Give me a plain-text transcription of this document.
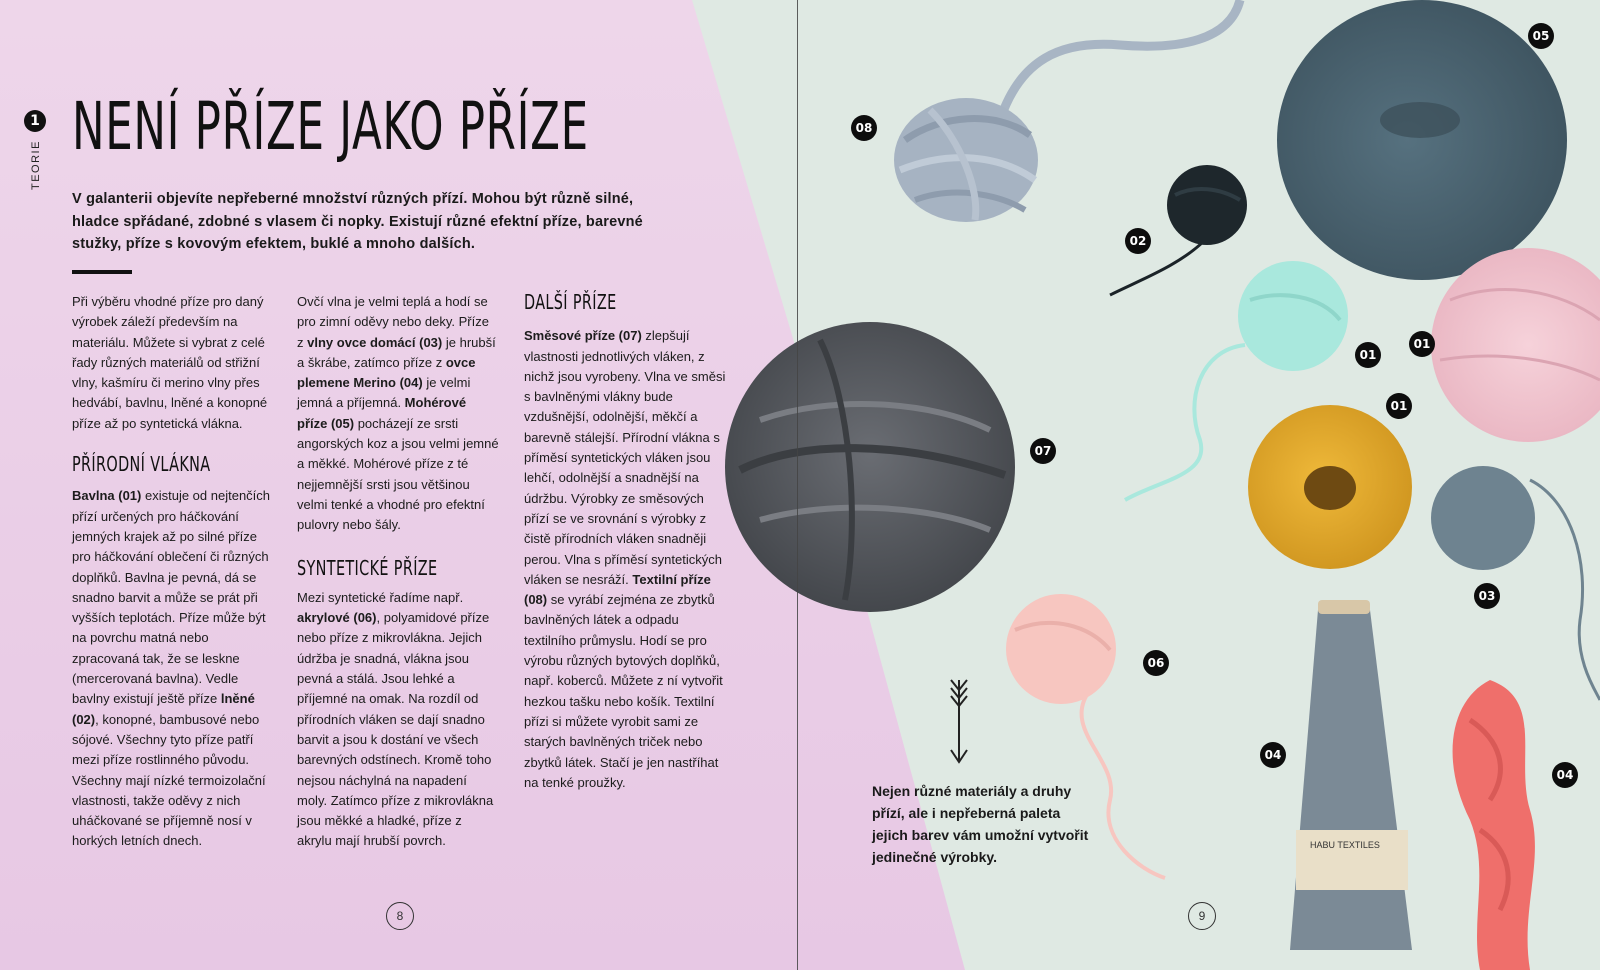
HABU TEXTILES
1
TEORIE
NENÍ PŘÍZE JAKO PŘÍZE

V galanterii objevíte nepřeberné množství různých přízí. Mohou být různě silné, hladce spřádané, zdobné s vlasem či nopky. Existují různé efektní příze, barevné stužky, příze s kovovým efektem, buklé a mnoho dalších.

Při výběru vhodné příze pro daný výrobek záleží především na materiálu. Můžete si vybrat z celé řady různých materiálů od střižní vlny, kašmíru či merino vlny přes hedvábí, bavlnu, lněné a konopné příze až po syntetická vlákna.

PŘÍRODNÍ VLÁKNA

Bavlna (01) existuje od nejtenčích přízí určených pro háčkování jemných krajek až po silné příze pro háčkování oblečení či různých doplňků. Bavlna je pevná, dá se snadno barvit a může se prát při vyšších teplotách. Příze může být na povrchu matná nebo zpracovaná tak, že se leskne (mercerovaná bavlna). Vedle bavlny existují ještě příze lněné (02), konopné, bambusové nebo sójové. Všechny tyto příze patří mezi příze rostlinného původu. Všechny mají nízké termoizolační vlastnosti, takže oděvy z nich uháčkované se příjemně nosí v horkých letních dnech.

Ovčí vlna je velmi teplá a hodí se pro zimní oděvy nebo deky. Příze z vlny ovce domácí (03) je hrubší a škrábe, zatímco příze z ovce plemene Merino (04) je velmi jemná a příjemná. Mohérové příze (05) pocházejí ze srsti angorských koz a jsou velmi jemné a měkké. Mohérové příze z té nejjemnější srsti jsou většinou velmi tenké a vhodné pro efektní pulovry nebo šály.

SYNTETICKÉ PŘÍZE

Mezi syntetické řadíme např. akrylové (06), polyamidové příze nebo příze z mikrovlákna. Jejich údržba je snadná, vlákna jsou pevná a stálá. Jsou lehké a příjemné na omak. Na rozdíl od přírodních vláken se dají snadno barvit a jsou k dostání ve všech barevných odstínech. Kromě toho nejsou náchylná na napadení moly. Zatímco příze z mikrovlákna jsou měkké a hladké, příze z akrylu mají hrubší povrch.

DALŠÍ PŘÍZE

Směsové příze (07) zlepšují vlastnosti jednotlivých vláken, z nichž jsou vyrobeny. Vlna ve směsi s bavlněnými vlákny bude vzdušnější, odolnější, měkčí a barevně stálejší. Přírodní vlákna s příměsí syntetických vláken jsou lehčí, odolnější a snadnější na údržbu. Výrobky ze směsových přízí se ve srovnání s výrobky z čistě přírodních vláken snadněji perou. Vlna s příměsí syntetických vláken se nesráží. Textilní příze (08) se vyrábí zejména ze zbytků bavlněných látek a odpadu textilního průmyslu. Hodí se pro výrobu různých bytových doplňků, např. koberců. Můžete z ní vytvořit hezkou tašku nebo košík. Textilní přízi si můžete vyrobit sami ze starých bavlněných triček nebo zbytků látek. Stačí je jen nastříhat na tenké proužky.

8	9

Nejen různé materiály a druhy přízí, ale i nepřeberná paleta jejich barev vám umožní vytvořit jedinečné výrobky.

08
02
05
01
01
01
07
03
06
04
04
